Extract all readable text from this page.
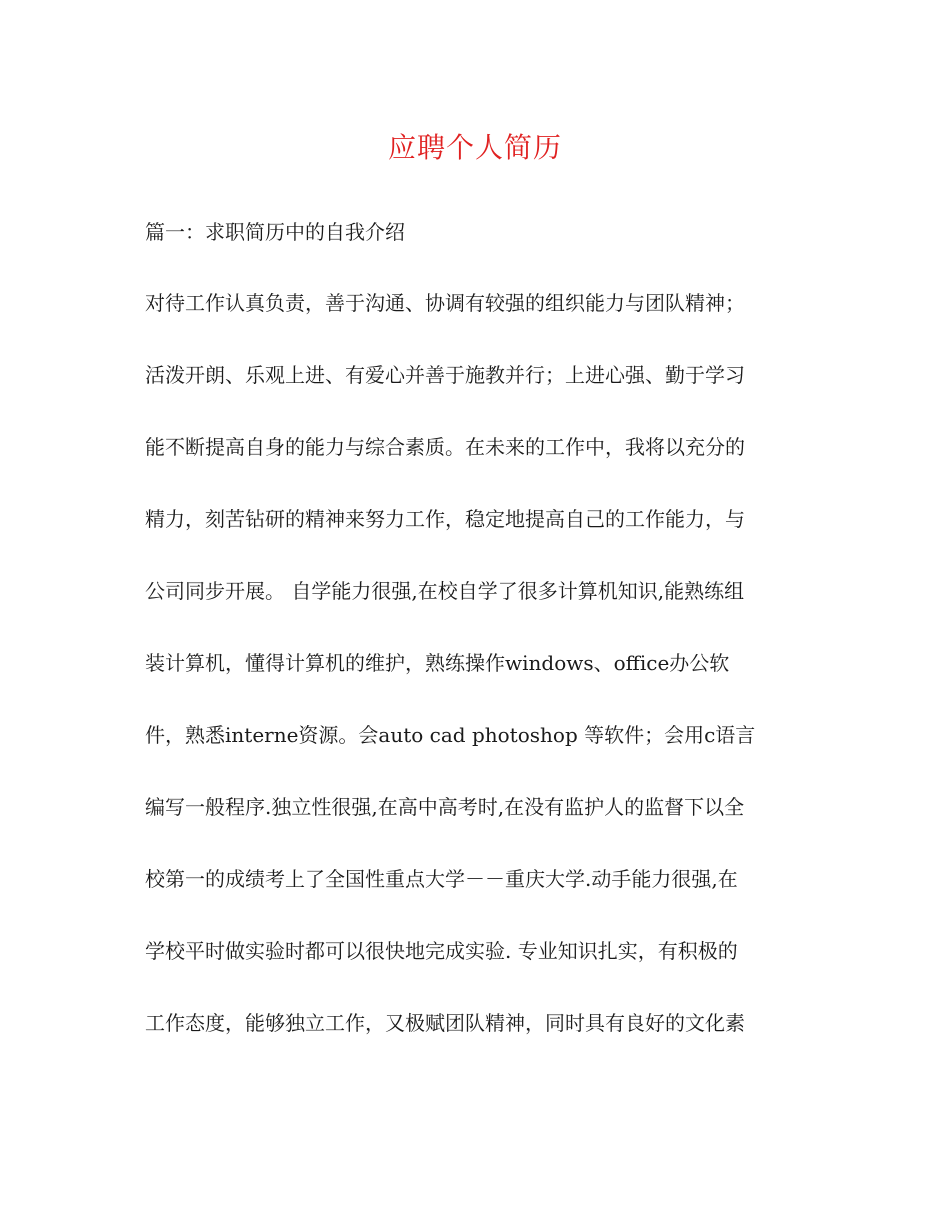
应聘个人简历
篇一：求职简历中的自我介绍
对待工作认真负责，善于沟通、协调有较强的组织能力与团队精神；
活泼开朗、乐观上进、有爱心并善于施教并行；上进心强、勤于学习
能不断提高自身的能力与综合素质。在未来的工作中，我将以充分的
精力，刻苦钻研的精神来努力工作，稳定地提高自己的工作能力，与
公司同步开展。 自学能力很强,在校自学了很多计算机知识,能熟练组
装计算机，懂得计算机的维护，熟练操作windows、office办公软
件，熟悉interne资源。会auto cad photoshop 等软件；会用c语言
编写一般程序.独立性很强,在高中高考时,在没有监护人的监督下以全
校第一的成绩考上了全国性重点大学－－重庆大学.动手能力很强,在
学校平时做实验时都可以很快地完成实验. 专业知识扎实，有积极的
工作态度，能够独立工作，又极赋团队精神，同时具有良好的文化素
